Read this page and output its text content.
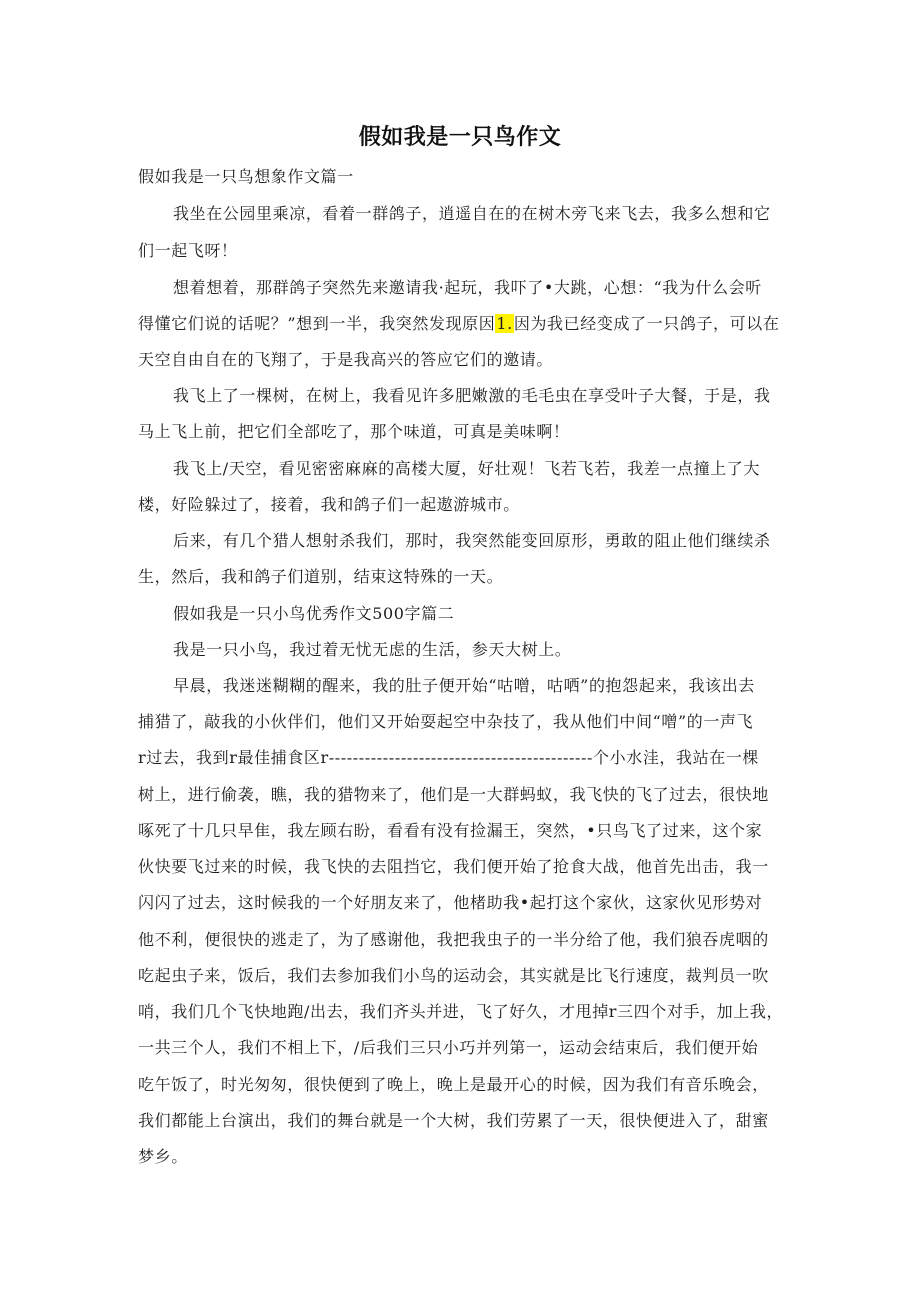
假如我是一只鸟作文
假如我是一只鸟想象作文篇一
我坐在公园里乘凉，看着一群鸽子，逍遥自在的在树木旁飞来飞去，我多么想和它
们一起飞呀！
想着想着，那群鸽子突然先来邀请我·起玩，我吓了•大跳，心想：“我为什么会听
得懂它们说的话呢？”想到一半，我突然发现原因1.因为我已经变成了一只鸽子，可以在
天空自由自在的飞翔了，于是我高兴的答应它们的邀请。
我飞上了一棵树，在树上，我看见许多肥嫩激的毛毛虫在享受叶子大餐，于是，我
马上飞上前，把它们全部吃了，那个味道，可真是美味啊！
我飞上/天空，看见密密麻麻的高楼大厦，好壮观！飞若飞若，我差一点撞上了大
楼，好险躲过了，接着，我和鸽子们一起遨游城市。
后来，有几个猎人想射杀我们，那时，我突然能变回原形，勇敢的阻止他们继续杀
生，然后，我和鸽子们道别，结束这特殊的一天。
假如我是一只小鸟优秀作文500字篇二
我是一只小鸟，我过着无忧无虑的生活，参天大树上。
早晨，我迷迷糊糊的醒来，我的肚子便开始“咕噌，咕哂”的抱怨起来，我该出去
捕猎了，敲我的小伙伴们，他们又开始耍起空中杂技了，我从他们中间“噌”的一声飞
r过去，我到r最佳捕食区r--------------------------------------------个小水洼，我站在一棵
树上，进行偷袭，瞧，我的猎物来了，他们是一大群蚂蚁，我飞快的飞了过去，很快地
啄死了十几只早隹，我左顾右盼，看看有没有捡漏王，突然，•只鸟飞了过来，这个家
伙快要飞过来的时候，我飞快的去阻挡它，我们便开始了抢食大战，他首先出击，我一
闪闪了过去，这时候我的一个好朋友来了，他楮助我•起打这个家伙，这家伙见形势对
他不利，便很快的逃走了，为了感谢他，我把我虫子的一半分给了他，我们狼吞虎咽的
吃起虫子来，饭后，我们去参加我们小鸟的运动会，其实就是比飞行速度，裁判员一吹
哨，我们几个飞快地跑/出去，我们齐头并进，飞了好久，才甩掉r三四个对手，加上我，
一共三个人，我们不相上下，/后我们三只小巧并列第一，运动会结束后，我们便开始
吃午饭了，时光匆匆，很快便到了晚上，晚上是最开心的时候，因为我们有音乐晚会，
我们都能上台演出，我们的舞台就是一个大树，我们劳累了一天，很快便进入了，甜蜜
梦乡。
